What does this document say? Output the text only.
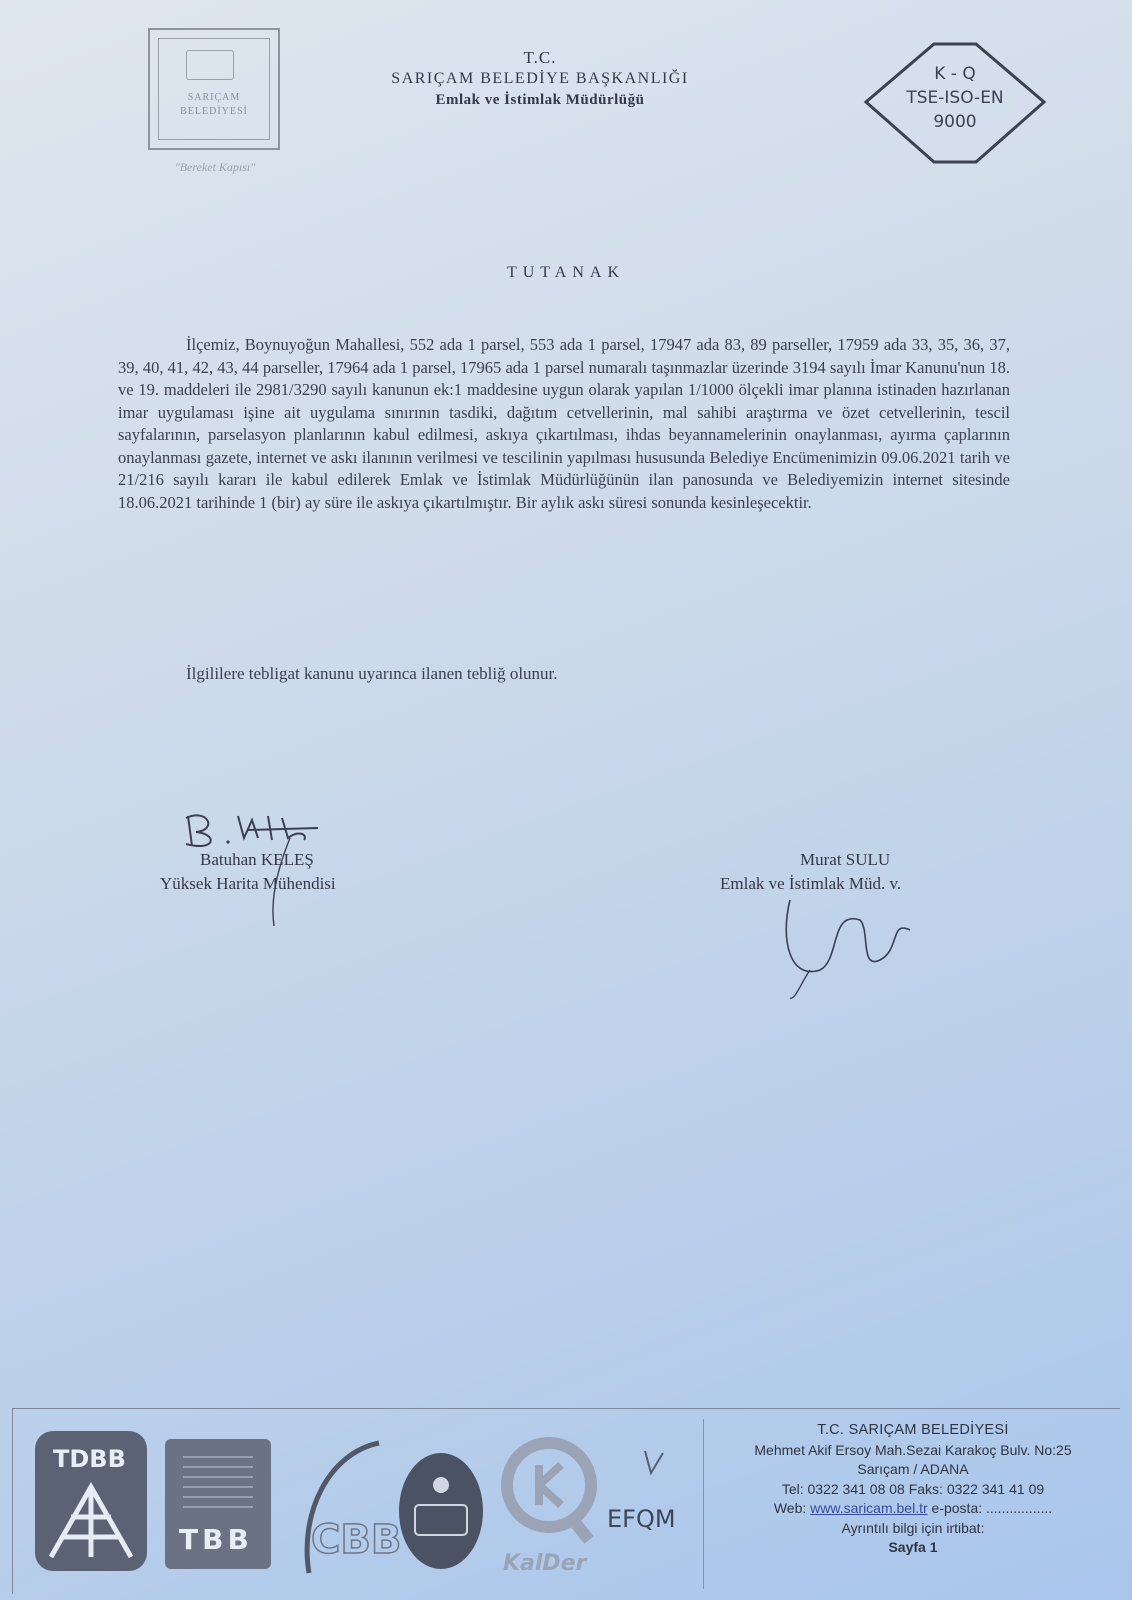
SARIÇAM
BELEDİYESİ
"Bereket Kapısı"
T.C.
SARIÇAM BELEDİYE BAŞKANLIĞI
Emlak ve İstimlak Müdürlüğü
K - Q
TSE-ISO-EN
9000
TUTANAK
İlçemiz, Boynuyoğun Mahallesi, 552 ada 1 parsel, 553 ada 1 parsel, 17947 ada 83, 89 parseller, 17959 ada 33, 35, 36, 37, 39, 40, 41, 42, 43, 44 parseller, 17964 ada 1 parsel, 17965 ada 1 parsel numaralı taşınmazlar üzerinde 3194 sayılı İmar Kanunu'nun 18. ve 19. maddeleri ile 2981/3290 sayılı kanunun ek:1 maddesine uygun olarak yapılan 1/1000 ölçekli imar planına istinaden hazırlanan imar uygulaması işine ait uygulama sınırının tasdiki, dağıtım cetvellerinin, mal sahibi araştırma ve özet cetvellerinin, tescil sayfalarının, parselasyon planlarının kabul edilmesi, askıya çıkartılması, ihdas beyannamelerinin onaylanması, ayırma çaplarının onaylanması gazete, internet ve askı ilanının verilmesi ve tescilinin yapılması hususunda Belediye Encümenimizin 09.06.2021 tarih ve 21/216 sayılı kararı ile kabul edilerek Emlak ve İstimlak Müdürlüğünün ilan panosunda ve Belediyemizin internet sitesinde 18.06.2021 tarihinde 1 (bir) ay süre ile askıya çıkartılmıştır. Bir aylık askı süresi sonunda kesinleşecektir.
İlgililere tebligat kanunu uyarınca ilanen tebliğ olunur.
Batuhan KELEŞ
Yüksek Harita Mühendisi
Murat SULU
Emlak ve İstimlak Müd. v.
TDBB
TBB CBB
KalDer
EFQM
T.C. SARIÇAM BELEDİYESİ
Mehmet Akif Ersoy Mah.Sezai Karakoç Bulv. No:25
Sarıçam / ADANA
Tel: 0322 341 08 08 Faks: 0322 341 41 09
Web: www.saricam.bel.tr e-posta: .................
Ayrıntılı bilgi için irtibat:
Sayfa 1
